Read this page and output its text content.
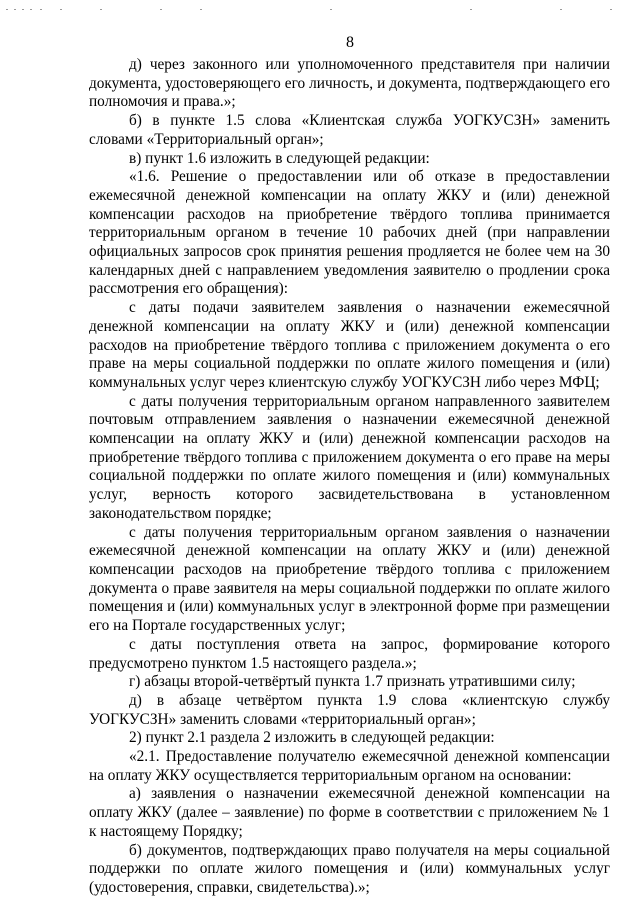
8

д) через законного или уполномоченного представителя при наличии документа, удостоверяющего его личность, и документа, подтверждающего его полномочия и права.»;

б) в пункте 1.5 слова «Клиентская служба УОГКУСЗН» заменить словами «Территориальный орган»;

в) пункт 1.6 изложить в следующей редакции:

«1.6. Решение о предоставлении или об отказе в предоставлении ежемесячной денежной компенсации на оплату ЖКУ и (или) денежной компенсации расходов на приобретение твёрдого топлива принимается территориальным органом в течение 10 рабочих дней (при направлении официальных запросов срок принятия решения продляется не более чем на 30 календарных дней с направлением уведомления заявителю о продлении срока рассмотрения его обращения):

с даты подачи заявителем заявления о назначении ежемесячной денежной компенсации на оплату ЖКУ и (или) денежной компенсации расходов на приобретение твёрдого топлива с приложением документа о его праве на меры социальной поддержки по оплате жилого помещения и (или) коммунальных услуг через клиентскую службу УОГКУСЗН либо через МФЦ;

с даты получения территориальным органом направленного заявителем почтовым отправлением заявления о назначении ежемесячной денежной компенсации на оплату ЖКУ и (или) денежной компенсации расходов на приобретение твёрдого топлива с приложением документа о его праве на меры социальной поддержки по оплате жилого помещения и (или) коммунальных услуг, верность которого засвидетельствована в установленном законодательством порядке;

с даты получения территориальным органом заявления о назначении ежемесячной денежной компенсации на оплату ЖКУ и (или) денежной компенсации расходов на приобретение твёрдого топлива с приложением документа о праве заявителя на меры социальной поддержки по оплате жилого помещения и (или) коммунальных услуг в электронной форме при размещении его на Портале государственных услуг;

с даты поступления ответа на запрос, формирование которого предусмотрено пунктом 1.5 настоящего раздела.»;

г) абзацы второй-четвёртый пункта 1.7 признать утратившими силу;

д) в абзаце четвёртом пункта 1.9 слова «клиентскую службу УОГКУСЗН» заменить словами «территориальный орган»;

2) пункт 2.1 раздела 2 изложить в следующей редакции:

«2.1. Предоставление получателю ежемесячной денежной компенсации на оплату ЖКУ осуществляется территориальным органом на основании:

а) заявления о назначении ежемесячной денежной компенсации на оплату ЖКУ (далее – заявление) по форме в соответствии с приложением № 1 к настоящему Порядку;

б) документов, подтверждающих право получателя на меры социальной поддержки по оплате жилого помещения и (или) коммунальных услуг (удостоверения, справки, свидетельства).»;
